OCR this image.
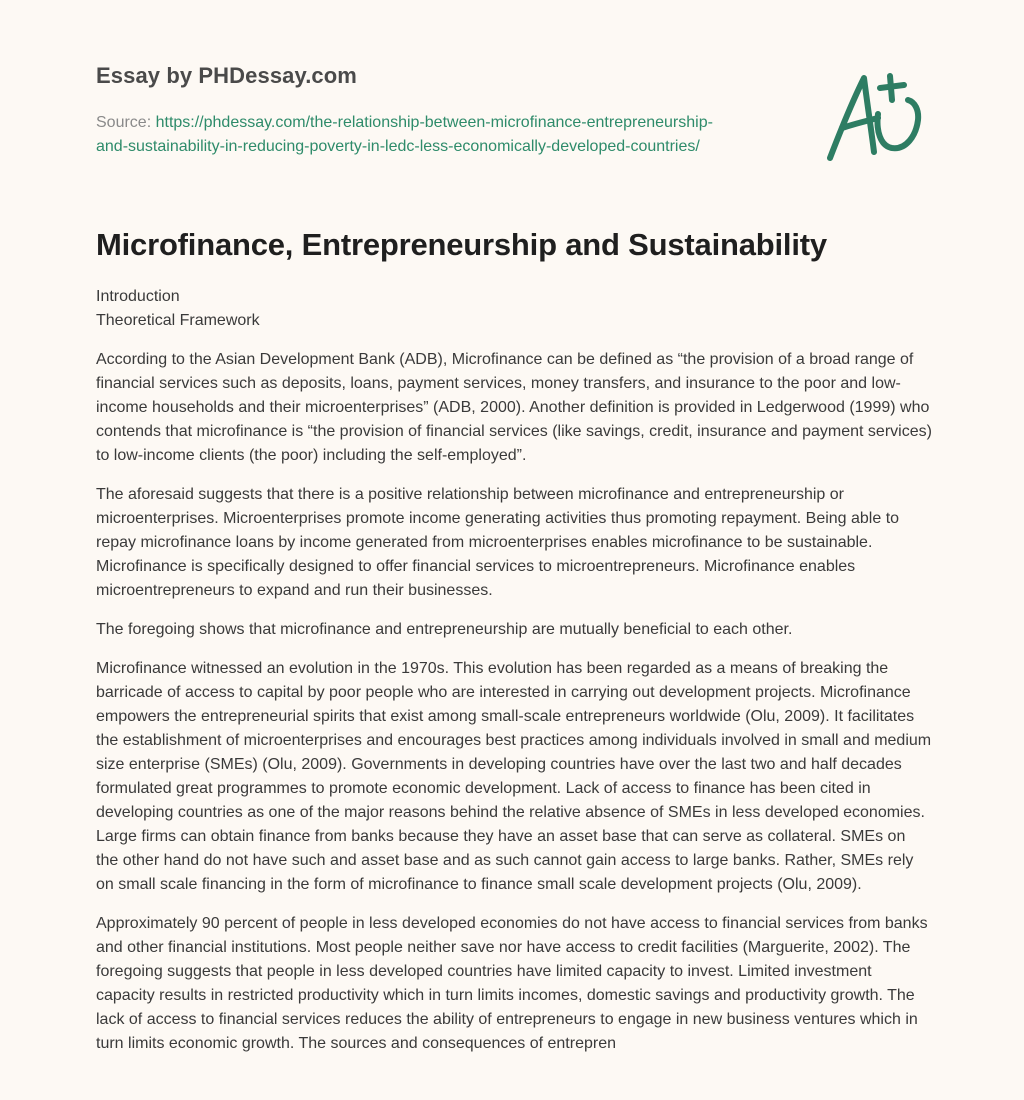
Essay by PHDessay.com

Source: https://phdessay.com/the-relationship-between-microfinance-entrepreneurship-
and-sustainability-in-reducing-poverty-in-ledc-less-economically-developed-countries/

Microfinance, Entrepreneurship and Sustainability
Introduction
Theoretical Framework

According to the Asian Development Bank (ADB), Microfinance can be defined as “the provision of a broad range of financial services such as deposits, loans, payment services, money transfers, and insurance to the poor and low-income households and their microenterprises” (ADB, 2000). Another definition is provided in Ledgerwood (1999) who contends that microfinance is “the provision of financial services (like savings, credit, insurance and payment services) to low-income clients (the poor) including the self-employed”.

The aforesaid suggests that there is a positive relationship between microfinance and entrepreneurship or microenterprises. Microenterprises promote income generating activities thus promoting repayment. Being able to repay microfinance loans by income generated from microenterprises enables microfinance to be sustainable. Microfinance is specifically designed to offer financial services to microentrepreneurs. Microfinance enables microentrepreneurs to expand and run their businesses.

The foregoing shows that microfinance and entrepreneurship are mutually beneficial to each other.

Microfinance witnessed an evolution in the 1970s. This evolution has been regarded as a means of breaking the barricade of access to capital by poor people who are interested in carrying out development projects. Microfinance empowers the entrepreneurial spirits that exist among small-scale entrepreneurs worldwide (Olu, 2009). It facilitates the establishment of microenterprises and encourages best practices among individuals involved in small and medium size enterprise (SMEs) (Olu, 2009). Governments in developing countries have over the last two and half decades formulated great programmes to promote economic development. Lack of access to finance has been cited in developing countries as one of the major reasons behind the relative absence of SMEs in less developed economies. Large firms can obtain finance from banks because they have an asset base that can serve as collateral. SMEs on the other hand do not have such and asset base and as such cannot gain access to large banks. Rather, SMEs rely on small scale financing in the form of microfinance to finance small scale development projects (Olu, 2009).

Approximately 90 percent of people in less developed economies do not have access to financial services from banks and other financial institutions. Most people neither save nor have access to credit facilities (Marguerite, 2002). The foregoing suggests that people in less developed countries have limited capacity to invest. Limited investment capacity results in restricted productivity which in turn limits incomes, domestic savings and productivity growth. The lack of access to financial services reduces the ability of entrepreneurs to engage in new business ventures which in turn limits economic growth. The sources and consequences of entrepren
